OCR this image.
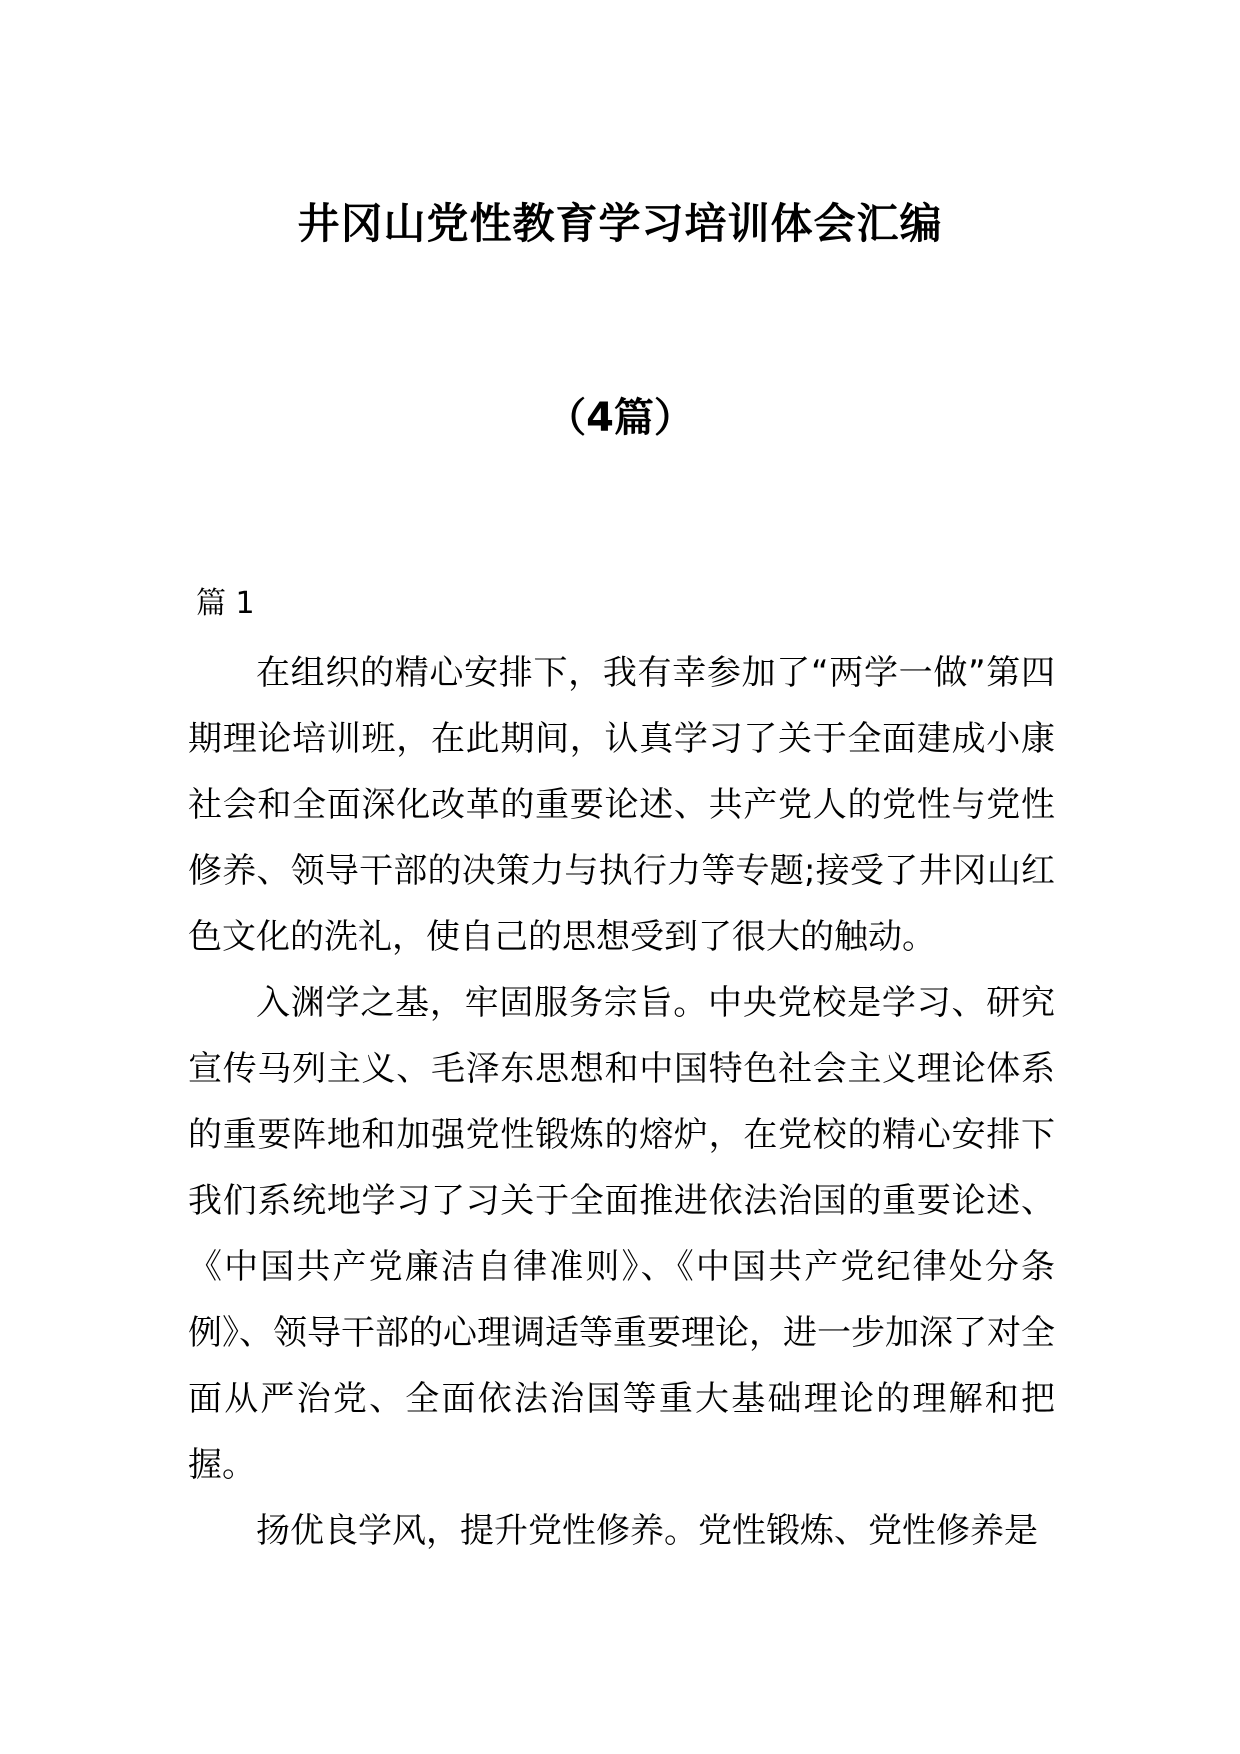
井冈山党性教育学习培训体会汇编
（4篇）
篇 1

在组织的精心安排下，我有幸参加了“两学一做”第四期理论培训班，在此期间，认真学习了关于全面建成小康社会和全面深化改革的重要论述、共产党人的党性与党性修养、领导干部的决策力与执行力等专题;接受了井冈山红色文化的洗礼，使自己的思想受到了很大的触动。

入渊学之基，牢固服务宗旨。中央党校是学习、研究宣传马列主义、毛泽东思想和中国特色社会主义理论体系的重要阵地和加强党性锻炼的熔炉，在党校的精心安排下我们系统地学习了习关于全面推进依法治国的重要论述、《中国共产党廉洁自律准则》、《中国共产党纪律处分条例》、领导干部的心理调适等重要理论，进一步加深了对全面从严治党、全面依法治国等重大基础理论的理解和把握。

扬优良学风，提升党性修养。党性锻炼、党性修养是
